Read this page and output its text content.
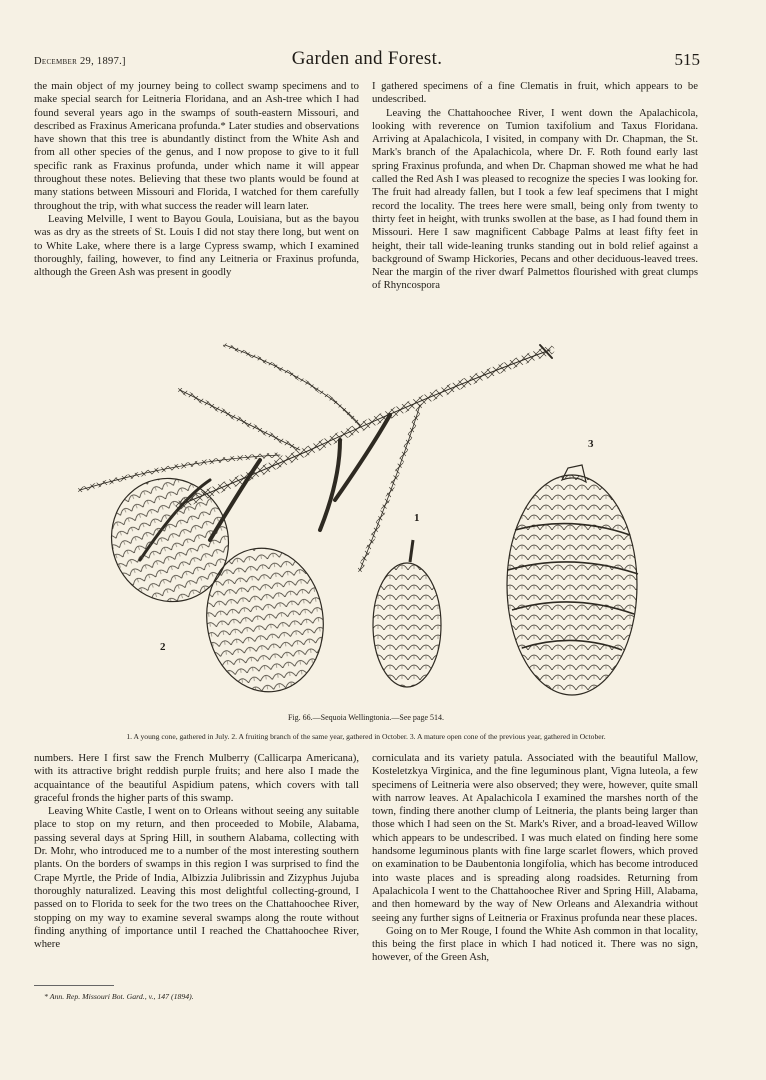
December 29, 1897.]	Garden and Forest.	515

the main object of my journey being to collect swamp specimens and to make special search for Leitneria Floridana, and an Ash-tree which I had found several years ago in the swamps of south-eastern Missouri, and described as Fraxinus Americana profunda.* Later studies and observations have shown that this tree is abundantly distinct from the White Ash and from all other species of the genus, and I now propose to give to it full specific rank as Fraxinus profunda, under which name it will appear throughout these notes. Believing that these two plants would be found at many stations between Missouri and Florida, I watched for them carefully throughout the trip, with what success the reader will learn later.

Leaving Melville, I went to Bayou Goula, Louisiana, but as the bayou was as dry as the streets of St. Louis I did not stay there long, but went on to White Lake, where there is a large Cypress swamp, which I examined thoroughly, failing, however, to find any Leitneria or Fraxinus profunda, although the Green Ash was present in goodly

I gathered specimens of a fine Clematis in fruit, which appears to be undescribed.

Leaving the Chattahoochee River, I went down the Apalachicola, looking with reverence on Tumion taxifolium and Taxus Floridana. Arriving at Apalachicola, I visited, in company with Dr. Chapman, the St. Mark's branch of the Apalachicola, where Dr. F. Roth found early last spring Fraxinus profunda, and when Dr. Chapman showed me what he had called the Red Ash I was pleased to recognize the species I was looking for. The fruit had already fallen, but I took a few leaf specimens that I might record the locality. The trees here were small, being only from twenty to thirty feet in height, with trunks swollen at the base, as I had found them in Missouri. Here I saw magnificent Cabbage Palms at least fifty feet in height, their tall wide-leaning trunks standing out in bold relief against a background of Swamp Hickories, Pecans and other deciduous-leaved trees. Near the margin of the river dwarf Palmettos flourished with great clumps of Rhyncospora

1
2
3
Fig. 66.—Sequoia Wellingtonia.—See page 514.
1. A young cone, gathered in July. 2. A fruiting branch of the same year, gathered in October. 3. A mature open cone of the previous year, gathered in October.

numbers. Here I first saw the French Mulberry (Callicarpa Americana), with its attractive bright reddish purple fruits; and here also I made the acquaintance of the beautiful Aspidium patens, which covers with tall graceful fronds the higher parts of this swamp.

Leaving White Castle, I went on to Orleans without seeing any suitable place to stop on my return, and then proceeded to Mobile, Alabama, passing several days at Spring Hill, in southern Alabama, collecting with Dr. Mohr, who introduced me to a number of the most interesting southern plants. On the borders of swamps in this region I was surprised to find the Crape Myrtle, the Pride of India, Albizzia Julibrissin and Zizyphus Jujuba thoroughly naturalized. Leaving this most delightful collecting-ground, I passed on to Florida to seek for the two trees on the Chattahoochee River, stopping on my way to examine several swamps along the route without finding anything of importance until I reached the Chattahoochee River, where

corniculata and its variety patula. Associated with the beautiful Mallow, Kosteletzkya Virginica, and the fine leguminous plant, Vigna luteola, a few specimens of Leitneria were also observed; they were, however, quite small with narrow leaves. At Apalachicola I examined the marshes north of the town, finding there another clump of Leitneria, the plants being larger than those which I had seen on the St. Mark's River, and a broad-leaved Willow which appears to be undescribed. I was much elated on finding here some handsome leguminous plants with fine large scarlet flowers, which proved on examination to be Daubentonia longifolia, which has become introduced into waste places and is spreading along roadsides. Returning from Apalachicola I went to the Chattahoochee River and Spring Hill, Alabama, and then homeward by the way of New Orleans and Alexandria without seeing any further signs of Leitneria or Fraxinus profunda near these places.

Going on to Mer Rouge, I found the White Ash common in that locality, this being the first place in which I had noticed it. There was no sign, however, of the Green Ash,

* Ann. Rep. Missouri Bot. Gard., v., 147 (1894).
